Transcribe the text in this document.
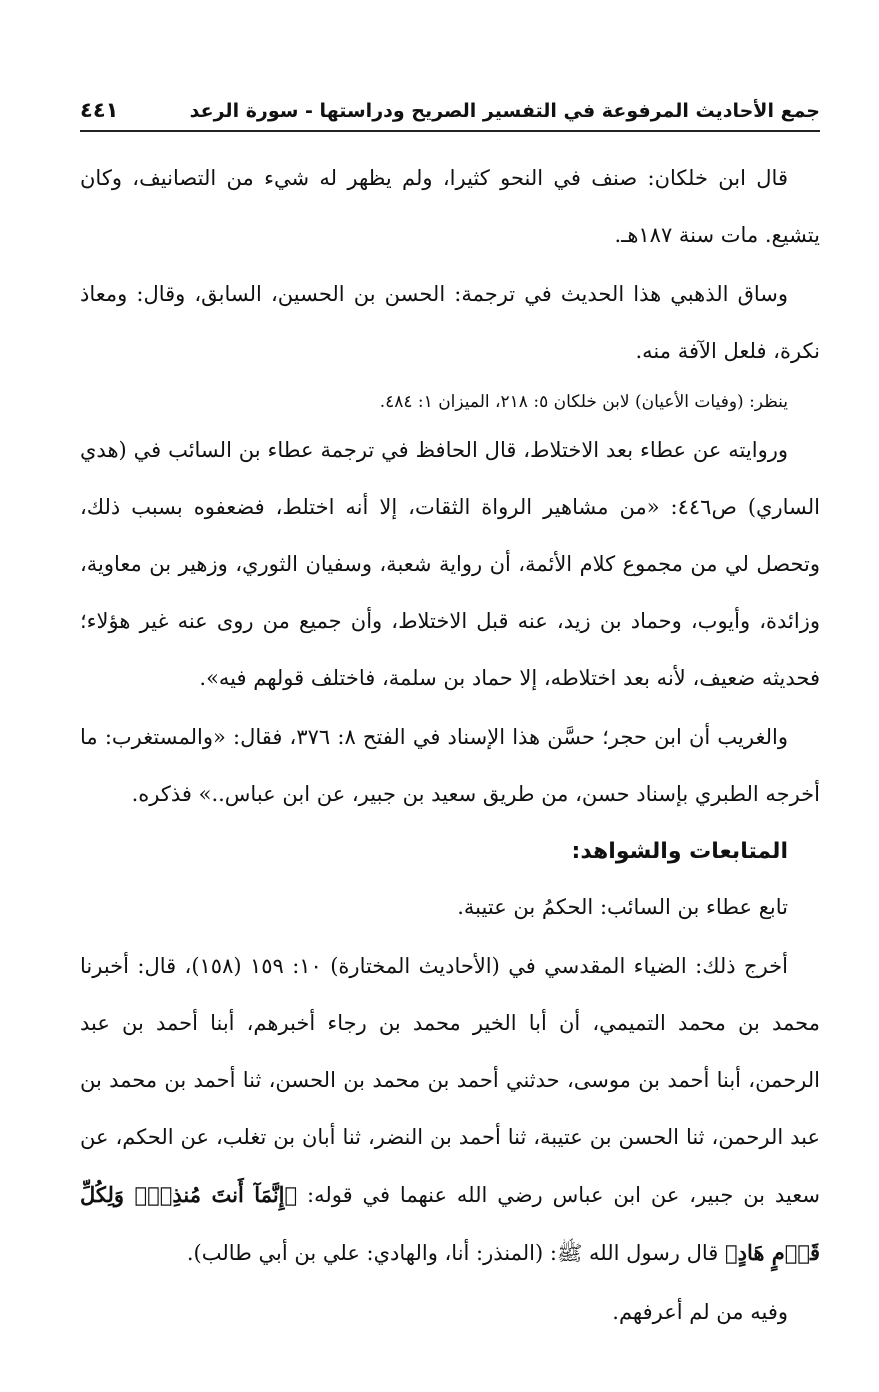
جمع الأحاديث المرفوعة في التفسير الصريح ودراستها - سورة الرعد
٤٤١

قال ابن خلكان: صنف في النحو كثيرا، ولم يظهر له شيء من التصانيف، وكان يتشيع. مات سنة ١٨٧هـ.

وساق الذهبي هذا الحديث في ترجمة: الحسن بن الحسين، السابق، وقال: ومعاذ نكرة، فلعل الآفة منه.

ينظر: (وفيات الأعيان) لابن خلكان ٥: ٢١٨، الميزان ١: ٤٨٤.

وروايته عن عطاء بعد الاختلاط، قال الحافظ في ترجمة عطاء بن السائب في (هدي الساري) ص٤٤٦: «من مشاهير الرواة الثقات، إلا أنه اختلط، فضعفوه بسبب ذلك، وتحصل لي من مجموع كلام الأئمة، أن رواية شعبة، وسفيان الثوري، وزهير بن معاوية، وزائدة، وأيوب، وحماد بن زيد، عنه قبل الاختلاط، وأن جميع من روى عنه غير هؤلاء؛ فحديثه ضعيف، لأنه بعد اختلاطه، إلا حماد بن سلمة، فاختلف قولهم فيه».

والغريب أن ابن حجر؛ حسَّن هذا الإسناد في الفتح ٨: ٣٧٦، فقال: «والمستغرب: ما أخرجه الطبري بإسناد حسن، من طريق سعيد بن جبير، عن ابن عباس..» فذكره.

المتابعات والشواهد:

تابع عطاء بن السائب: الحكمُ بن عتيبة.

أخرج ذلك: الضياء المقدسي في (الأحاديث المختارة) ١٠: ١٥٩ (١٥٨)، قال: أخبرنا محمد بن محمد التميمي، أن أبا الخير محمد بن رجاء أخبرهم، أبنا أحمد بن عبد الرحمن، أبنا أحمد بن موسى، حدثني أحمد بن محمد بن الحسن، ثنا أحمد بن محمد بن عبد الرحمن، ثنا الحسن بن عتيبة، ثنا أحمد بن النضر، ثنا أبان بن تغلب، عن الحكم، عن سعيد بن جبير، عن ابن عباس رضي الله عنهما في قوله: ﴿إِنَّمَآ أَنتَ مُنذِرٌۖ وَلِكُلِّ قَوۡمٍ هَادٍ﴾ قال رسول الله ﷺ: (المنذر: أنا، والهادي: علي بن أبي طالب).

وفيه من لم أعرفهم.
